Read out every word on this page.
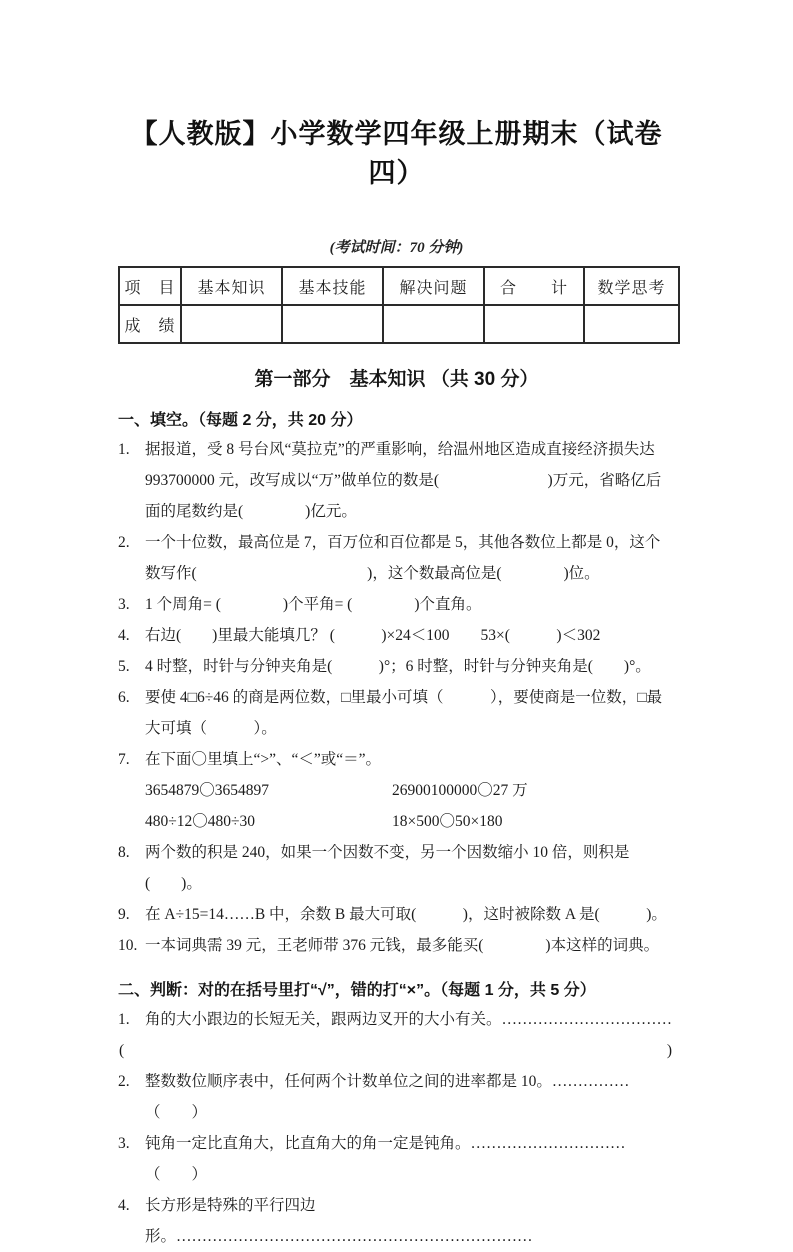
【人教版】小学数学四年级上册期末（试卷四）
(考试时间：70 分钟)
项　目	基本知识	基本技能	解决问题	合　　计	数学思考
成　绩					
第一部分　基本知识 （共 30 分）
一、填空。（每题 2 分，共 20 分）
1. 据报道，受 8 号台风“莫拉克”的严重影响，给温州地区造成直接经济损失达 993700000 元，改写成以“万”做单位的数是(　　　　　　　)万元，省略亿后面的尾数约是(　　　　)亿元。
2. 一个十位数，最高位是 7，百万位和百位都是 5，其他各数位上都是 0，这个数写作(　　　　　　　　　　　)，这个数最高位是(　　　　)位。
3. 1 个周角= (　　　　)个平角= (　　　　)个直角。
4. 右边(　　)里最大能填几？ (　　　)×24＜100　　53×(　　　)＜302
5. 4 时整，时针与分钟夹角是(　　　)°；6 时整，时针与分钟夹角是(　　)°。
6. 要使 4□6÷46 的商是两位数，□里最小可填（　　　），要使商是一位数，□最大可填（　　　）。
7. 在下面〇里填上“>”、“＜”或“＝”。
3654879〇3654897	26900100000〇27 万
480÷12〇480÷30	18×500〇50×180
8. 两个数的积是 240，如果一个因数不变，另一个因数缩小 10 倍，则积是(　　)。
9. 在 A÷15=14……B 中，余数 B 最大可取(　　　)，这时被除数 A 是(　　　)。
10. 一本词典需 39 元，王老师带 376 元钱，最多能买(　　　　)本这样的词典。
二、判断：对的在括号里打“√”，错的打“×”。（每题 1 分，共 5 分）
1. 角的大小跟边的长短无关，跟两边叉开的大小有关。……………………………
(	)
2. 整数数位顺序表中，任何两个计数单位之间的进率都是 10。……………（　　）
3. 钝角一定比直角大，比直角大的角一定是钝角。…………………………（　　）
4. 长方形是特殊的平行四边形。……………………………………………………………
